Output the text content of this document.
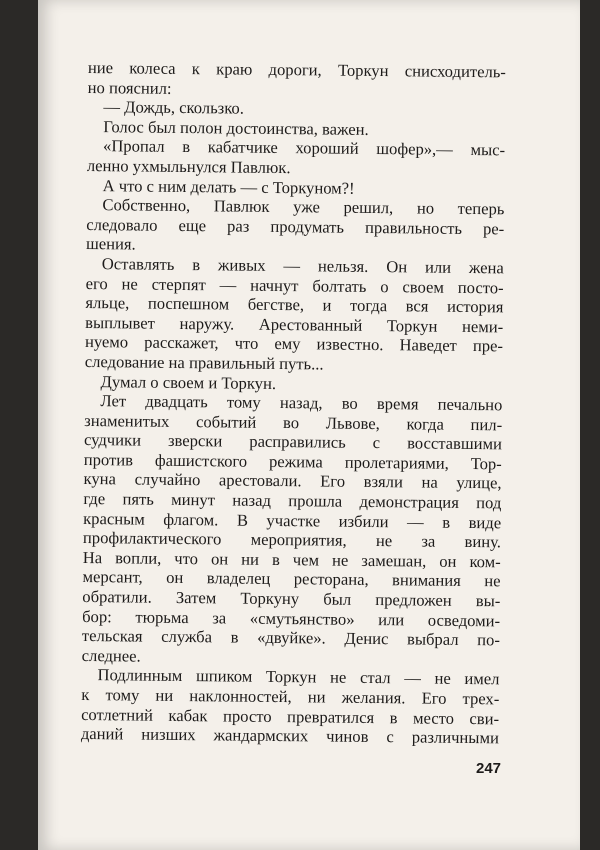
ние колеса к краю дороги, Торкун снисходитель-
но пояснил:
— Дождь, скользко.
Голос был полон достоинства, важен.
«Пропал в кабатчике хороший шофер»,— мыс-
ленно ухмыльнулся Павлюк.
А что с ним делать — с Торкуном?!
Собственно, Павлюк уже решил, но теперь
следовало еще раз продумать правильность ре-
шения.
Оставлять в живых — нельзя. Он или жена
его не стерпят — начнут болтать о своем посто-
яльце, поспешном бегстве, и тогда вся история
выплывет наружу. Арестованный Торкун неми-
нуемо расскажет, что ему известно. Наведет пре-
следование на правильный путь...
Думал о своем и Торкун.
Лет двадцать тому назад, во время печально
знаменитых событий во Львове, когда пил-
судчики зверски расправились с восставшими
против фашистского режима пролетариями, Тор-
куна случайно арестовали. Его взяли на улице,
где пять минут назад прошла демонстрация под
красным флагом. В участке избили — в виде
профилактического мероприятия, не за вину.
На вопли, что он ни в чем не замешан, он ком-
мерсант, он владелец ресторана, внимания не
обратили. Затем Торкуну был предложен вы-
бор: тюрьма за «смутьянство» или осведоми-
тельская служба в «двуйке». Денис выбрал по-
следнее.
Подлинным шпиком Торкун не стал — не имел
к тому ни наклонностей, ни желания. Его трех-
сотлетний кабак просто превратился в место сви-
даний низших жандармских чинов с различными
247
